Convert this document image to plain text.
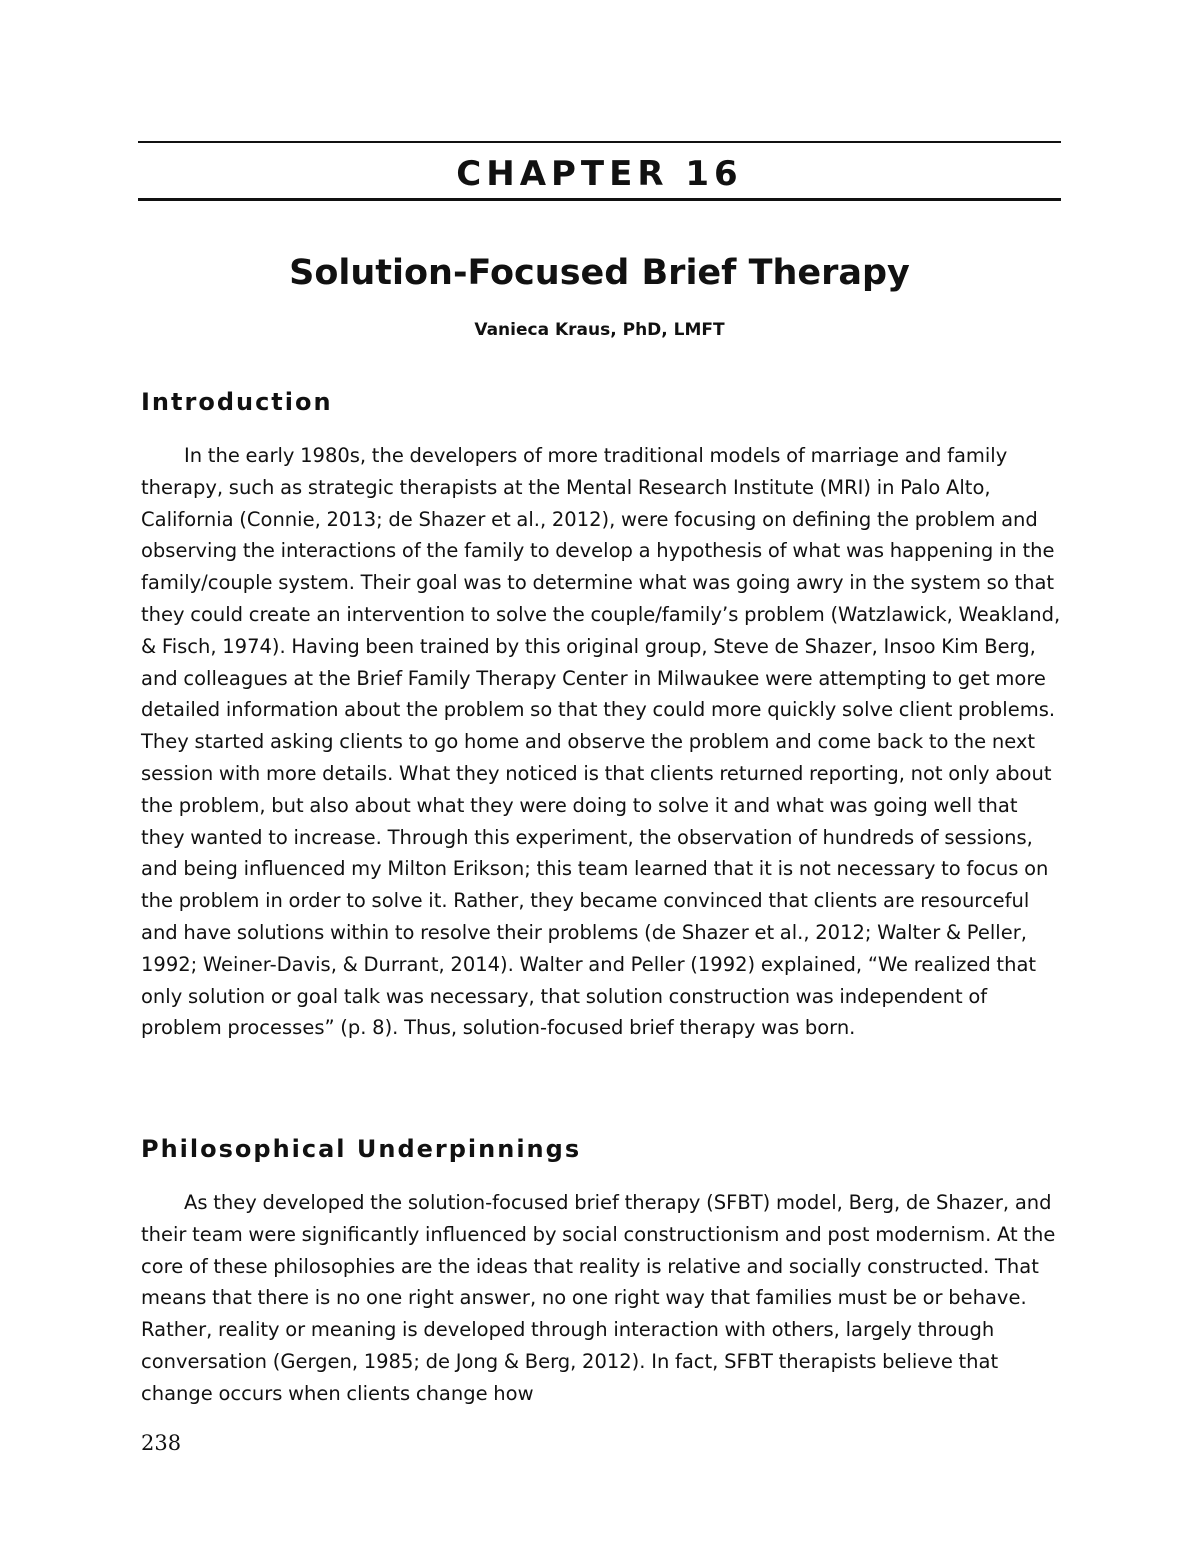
CHAPTER 16
Solution-Focused Brief Therapy
Vanieca Kraus, PhD, LMFT
Introduction

In the early 1980s, the developers of more traditional models of marriage and family therapy, such as strategic therapists at the Mental Research Institute (MRI) in Palo Alto, California (Connie, 2013; de Shazer et al., 2012), were focusing on defining the problem and observing the interactions of the family to develop a hypothesis of what was happening in the family/couple system. Their goal was to determine what was going awry in the system so that they could create an intervention to solve the couple/family’s problem (Watzlawick, Weakland, & Fisch, 1974). Having been trained by this original group, Steve de Shazer, Insoo Kim Berg, and colleagues at the Brief Family Therapy Center in Milwaukee were attempting to get more detailed information about the problem so that they could more quickly solve client problems. They started asking clients to go home and observe the problem and come back to the next session with more details. What they noticed is that clients returned reporting, not only about the problem, but also about what they were doing to solve it and what was going well that they wanted to increase. Through this experiment, the observation of hundreds of sessions, and being influenced my Milton Erikson; this team learned that it is not necessary to focus on the problem in order to solve it. Rather, they became convinced that clients are resourceful and have solutions within to resolve their problems (de Shazer et al., 2012; Walter & Peller, 1992; Weiner-Davis, & Durrant, 2014). Walter and Peller (1992) explained, “We realized that only solution or goal talk was necessary, that solution construction was independent of problem processes” (p. 8). Thus, solution-focused brief therapy was born.

Philosophical Underpinnings

As they developed the solution-focused brief therapy (SFBT) model, Berg, de Shazer, and their team were significantly influenced by social constructionism and post modernism. At the core of these philosophies are the ideas that reality is relative and socially constructed. That means that there is no one right answer, no one right way that families must be or behave. Rather, reality or meaning is developed through interaction with others, largely through conversation (Gergen, 1985; de Jong & Berg, 2012). In fact, SFBT therapists believe that change occurs when clients change how

238
